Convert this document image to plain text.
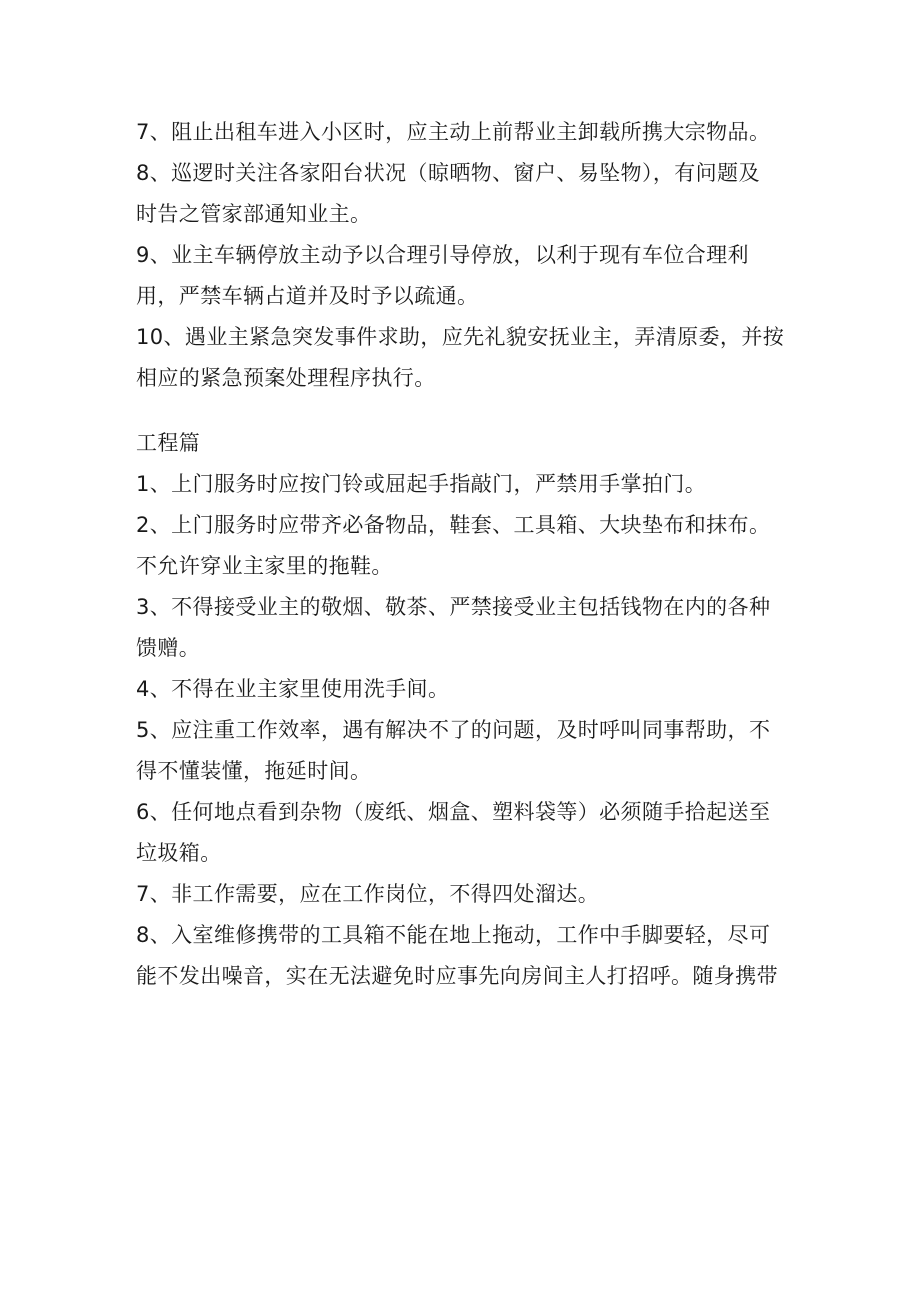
7、阻止出租车进入小区时，应主动上前帮业主卸载所携大宗物品。
8、巡逻时关注各家阳台状况（晾晒物、窗户、易坠物），有问题及
时告之管家部通知业主。
9、业主车辆停放主动予以合理引导停放，以利于现有车位合理利
用，严禁车辆占道并及时予以疏通。
10、遇业主紧急突发事件求助，应先礼貌安抚业主，弄清原委，并按
相应的紧急预案处理程序执行。
工程篇
1、上门服务时应按门铃或屈起手指敲门，严禁用手掌拍门。
2、上门服务时应带齐必备物品，鞋套、工具箱、大块垫布和抹布。
不允许穿业主家里的拖鞋。
3、不得接受业主的敬烟、敬茶、严禁接受业主包括钱物在内的各种
馈赠。
4、不得在业主家里使用洗手间。
5、应注重工作效率，遇有解决不了的问题，及时呼叫同事帮助，不
得不懂装懂，拖延时间。
6、任何地点看到杂物（废纸、烟盒、塑料袋等）必须随手拾起送至
垃圾箱。
7、非工作需要，应在工作岗位，不得四处溜达。
8、入室维修携带的工具箱不能在地上拖动，工作中手脚要轻，尽可
能不发出噪音，实在无法避免时应事先向房间主人打招呼。随身携带
